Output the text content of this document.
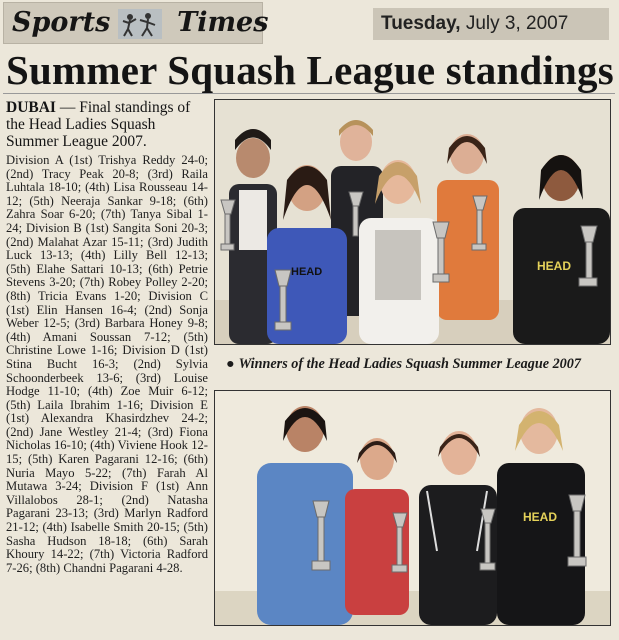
Sports Times	Tuesday, July 3, 2007
Summer Squash League standings
DUBAI — Final standings of the Head Ladies Squash Summer League 2007.
Division A (1st) Trishya Reddy 24-0; (2nd) Tracy Peak 20-8; (3rd) Raila Luhtala 18-10; (4th) Lisa Rousseau 14-12; (5th) Neeraja Sankar 9-18; (6th) Zahra Soar 6-20; (7th) Tanya Sibal 1-24; Division B (1st) Sangita Soni 20-3; (2nd) Malahat Azar 15-11; (3rd) Judith Luck 13-13; (4th) Lilly Bell 12-13; (5th) Elahe Sattari 10-13; (6th) Petrie Stevens 3-20; (7th) Robey Polley 2-20; (8th) Tricia Evans 1-20; Division C (1st) Elin Hansen 16-4; (2nd) Sonja Weber 12-5; (3rd) Barbara Honey 9-8; (4th) Amani Soussan 7-12; (5th) Christine Lowe 1-16; Division D (1st) Stina Bucht 16-3; (2nd) Sylvia Schoonderbeek 13-6; (3rd) Louise Hodge 11-10; (4th) Zoe Muir 6-12; (5th) Laila Ibrahim 1-16; Division E (1st) Alexandra Khasirdzhev 24-2; (2nd) Jane Westley 21-4; (3rd) Fiona Nicholas 16-10; (4th) Viviene Hook 12-15; (5th) Karen Pagarani 12-16; (6th) Nuria Mayo 5-22; (7th) Farah Al Mutawa 3-24; Division F (1st) Ann Villalobos 28-1; (2nd) Natasha Pagarani 23-13; (3rd) Marlyn Radford 21-12; (4th) Isabelle Smith 20-15; (5th) Sasha Hudson 18-18; (6th) Sarah Khoury 14-22; (7th) Victoria Radford 7-26; (8th) Chandni Pagarani 4-28.
HEAD
HEAD
● Winners of the Head Ladies Squash Summer League 2007
HEAD
